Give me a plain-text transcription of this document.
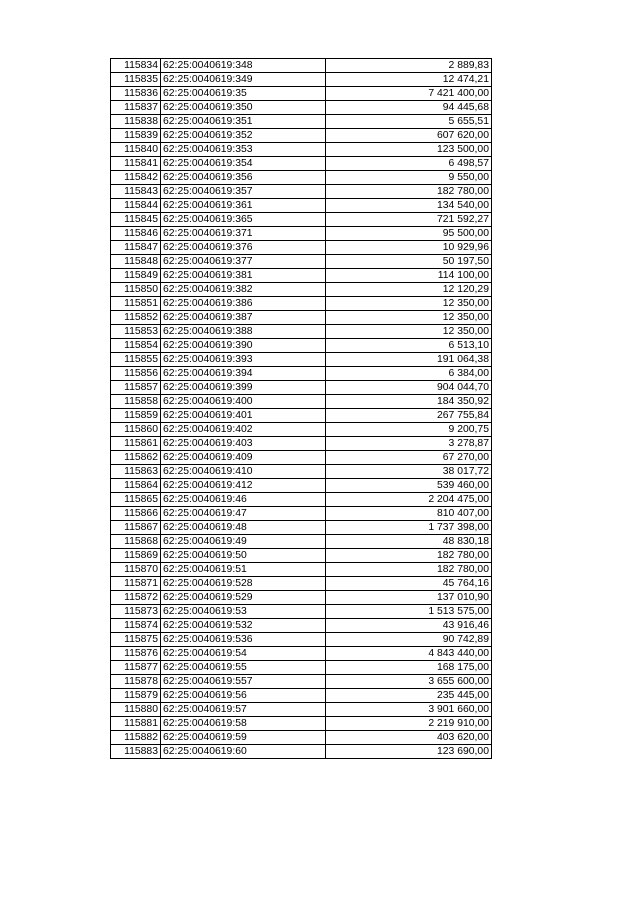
115834	62:25:0040619:348	2 889,83
115835	62:25:0040619:349	12 474,21
115836	62:25:0040619:35	7 421 400,00
115837	62:25:0040619:350	94 445,68
115838	62:25:0040619:351	5 655,51
115839	62:25:0040619:352	607 620,00
115840	62:25:0040619:353	123 500,00
115841	62:25:0040619:354	6 498,57
115842	62:25:0040619:356	9 550,00
115843	62:25:0040619:357	182 780,00
115844	62:25:0040619:361	134 540,00
115845	62:25:0040619:365	721 592,27
115846	62:25:0040619:371	95 500,00
115847	62:25:0040619:376	10 929,96
115848	62:25:0040619:377	50 197,50
115849	62:25:0040619:381	114 100,00
115850	62:25:0040619:382	12 120,29
115851	62:25:0040619:386	12 350,00
115852	62:25:0040619:387	12 350,00
115853	62:25:0040619:388	12 350,00
115854	62:25:0040619:390	6 513,10
115855	62:25:0040619:393	191 064,38
115856	62:25:0040619:394	6 384,00
115857	62:25:0040619:399	904 044,70
115858	62:25:0040619:400	184 350,92
115859	62:25:0040619:401	267 755,84
115860	62:25:0040619:402	9 200,75
115861	62:25:0040619:403	3 278,87
115862	62:25:0040619:409	67 270,00
115863	62:25:0040619:410	38 017,72
115864	62:25:0040619:412	539 460,00
115865	62:25:0040619:46	2 204 475,00
115866	62:25:0040619:47	810 407,00
115867	62:25:0040619:48	1 737 398,00
115868	62:25:0040619:49	48 830,18
115869	62:25:0040619:50	182 780,00
115870	62:25:0040619:51	182 780,00
115871	62:25:0040619:528	45 764,16
115872	62:25:0040619:529	137 010,90
115873	62:25:0040619:53	1 513 575,00
115874	62:25:0040619:532	43 916,46
115875	62:25:0040619:536	90 742,89
115876	62:25:0040619:54	4 843 440,00
115877	62:25:0040619:55	168 175,00
115878	62:25:0040619:557	3 655 600,00
115879	62:25:0040619:56	235 445,00
115880	62:25:0040619:57	3 901 660,00
115881	62:25:0040619:58	2 219 910,00
115882	62:25:0040619:59	403 620,00
115883	62:25:0040619:60	123 690,00
